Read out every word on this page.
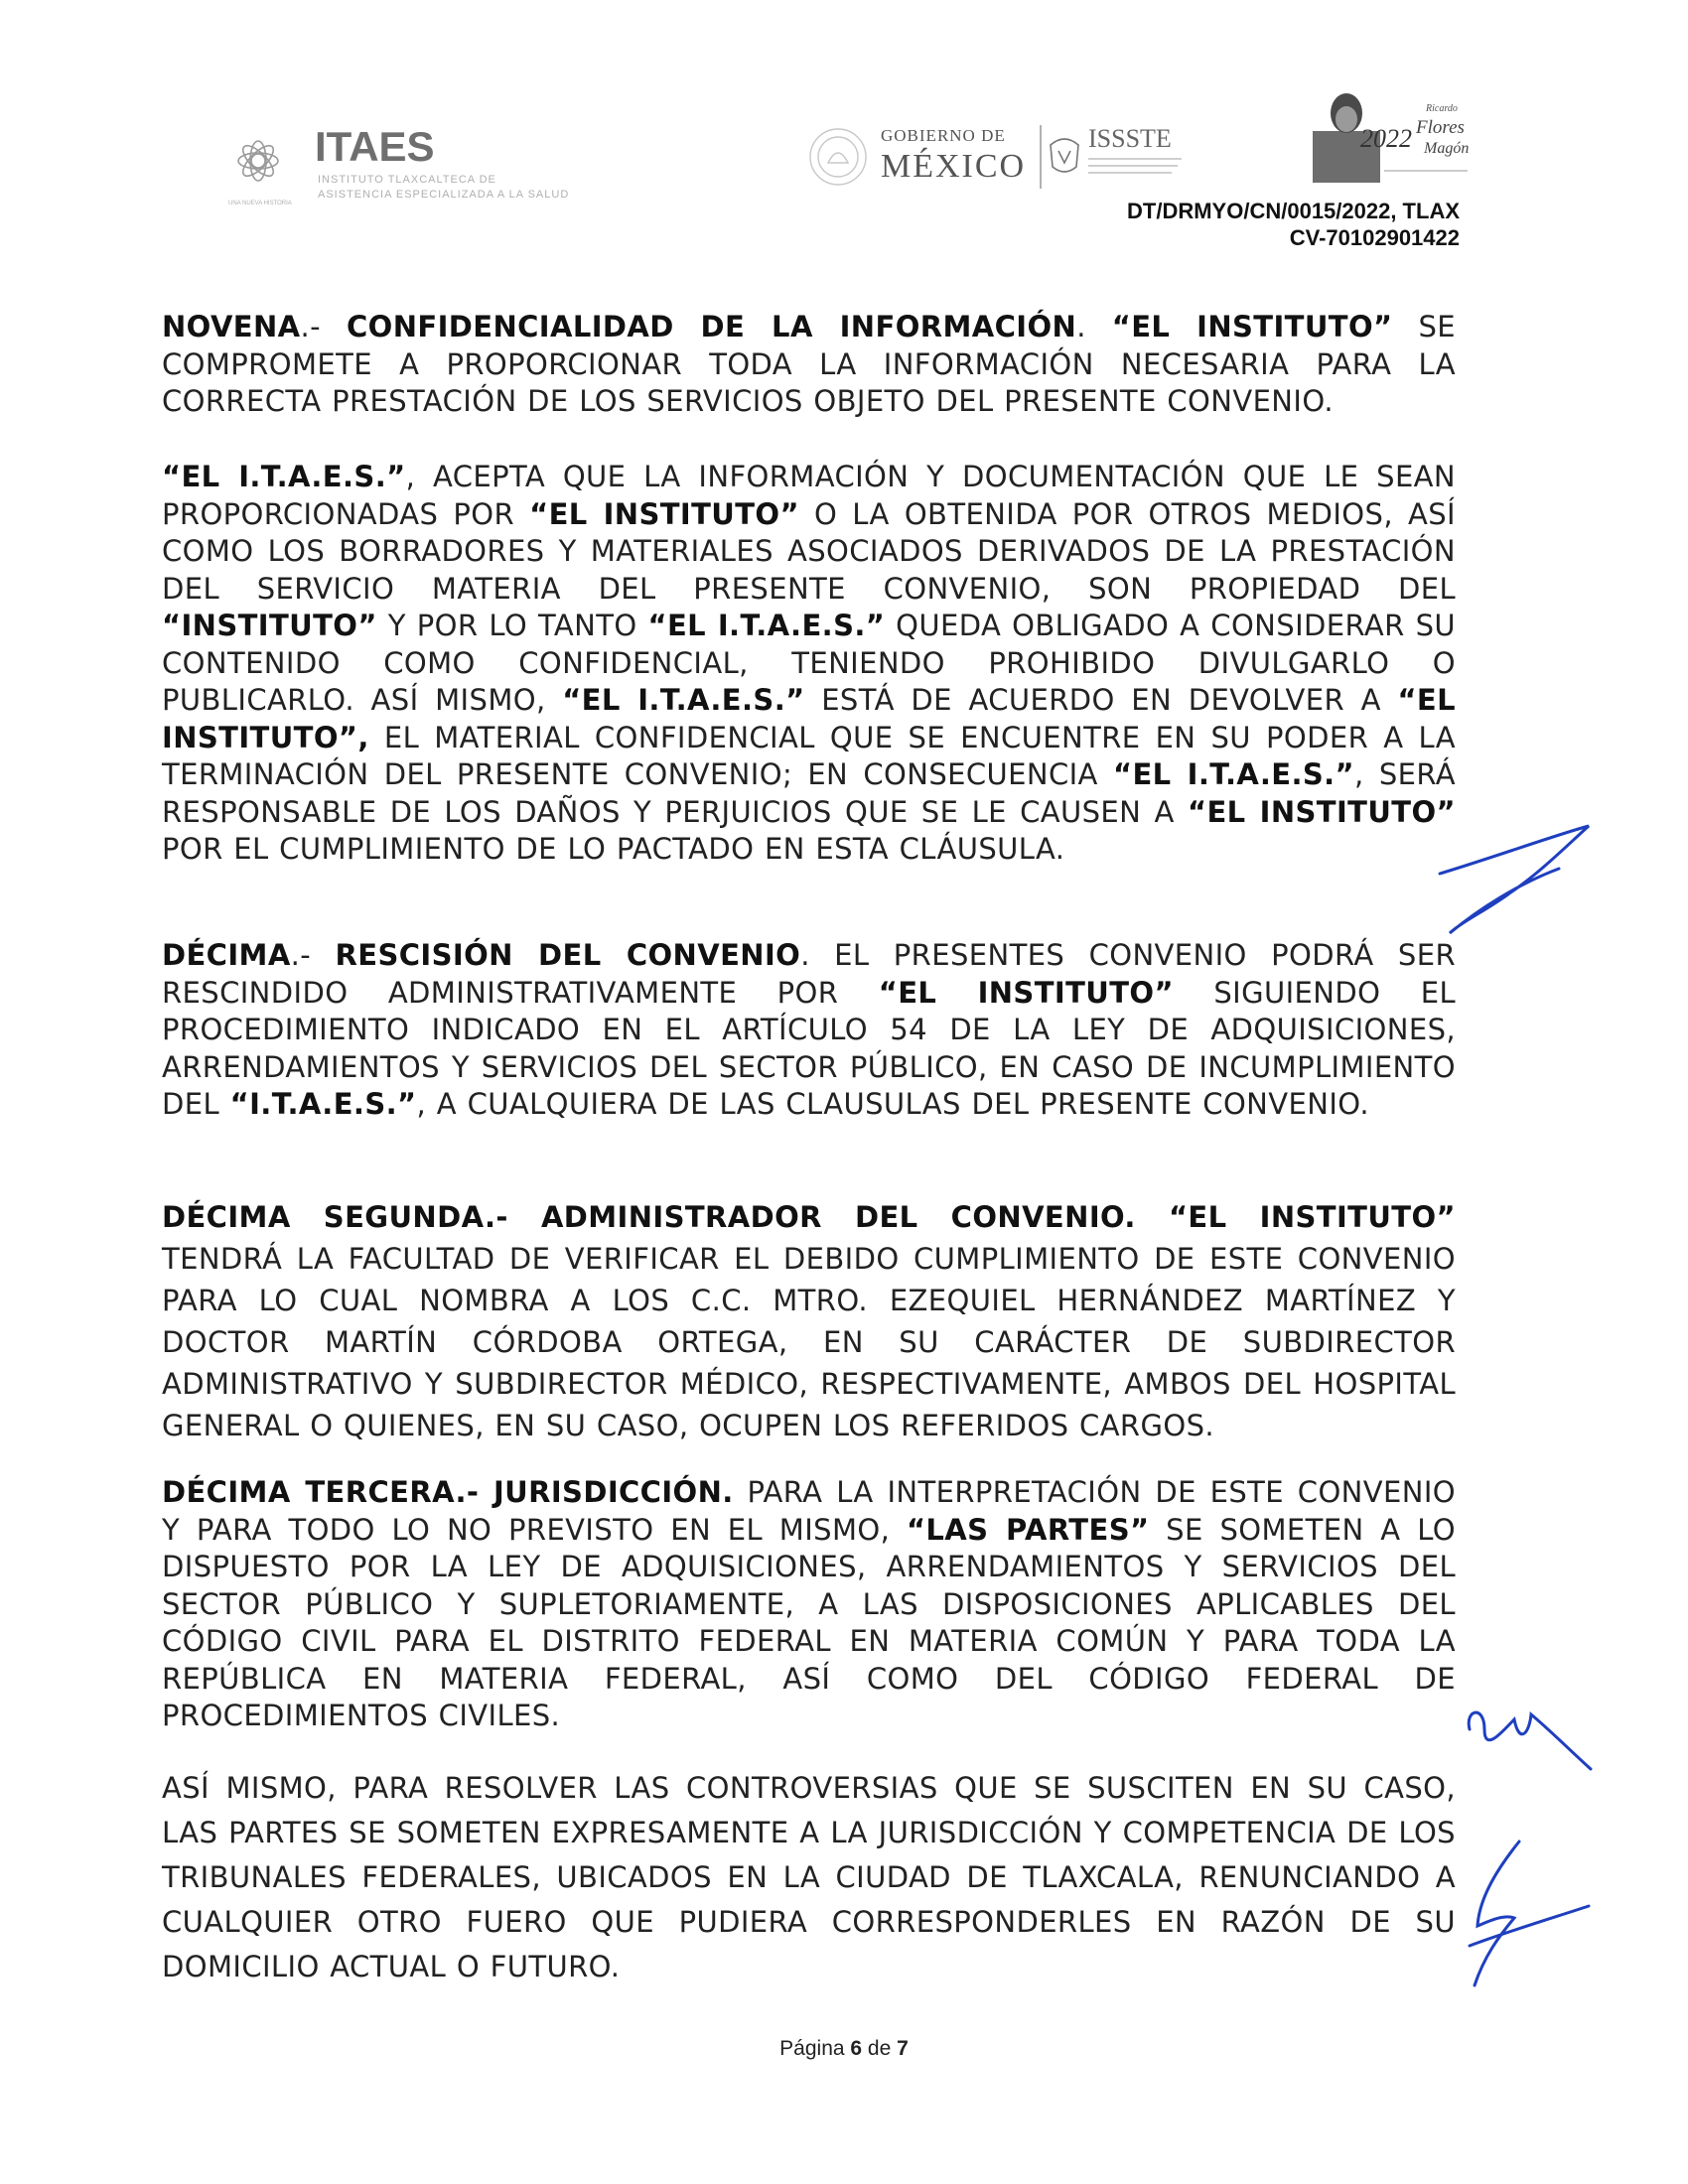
ITAES
INSTITUTO TLAXCALTECA DE
ASISTENCIA ESPECIALIZADA A LA SALUD
UNA NUEVA HISTORIA
GOBIERNO DE
MÉXICO
ISSSTE	2022
Ricardo
Flores
Magón
DT/DRMYO/CN/0015/2022, TLAX
CV-70102901422

NOVENA.- CONFIDENCIALIDAD DE LA INFORMACIÓN. “EL INSTITUTO” SE COMPROMETE A PROPORCIONAR TODA LA INFORMACIÓN NECESARIA PARA LA CORRECTA PRESTACIÓN DE LOS SERVICIOS OBJETO DEL PRESENTE CONVENIO.

“EL I.T.A.E.S.”, ACEPTA QUE LA INFORMACIÓN Y DOCUMENTACIÓN QUE LE SEAN PROPORCIONADAS POR “EL INSTITUTO” O LA OBTENIDA POR OTROS MEDIOS, ASÍ COMO LOS BORRADORES Y MATERIALES ASOCIADOS DERIVADOS DE LA PRESTACIÓN DEL SERVICIO MATERIA DEL PRESENTE CONVENIO, SON PROPIEDAD DEL “INSTITUTO” Y POR LO TANTO “EL I.T.A.E.S.” QUEDA OBLIGADO A CONSIDERAR SU CONTENIDO COMO CONFIDENCIAL, TENIENDO PROHIBIDO DIVULGARLO O PUBLICARLO. ASÍ MISMO, “EL I.T.A.E.S.” ESTÁ DE ACUERDO EN DEVOLVER A “EL INSTITUTO”, EL MATERIAL CONFIDENCIAL QUE SE ENCUENTRE EN SU PODER A LA TERMINACIÓN DEL PRESENTE CONVENIO; EN CONSECUENCIA “EL I.T.A.E.S.”, SERÁ RESPONSABLE DE LOS DAÑOS Y PERJUICIOS QUE SE LE CAUSEN A “EL INSTITUTO” POR EL CUMPLIMIENTO DE LO PACTADO EN ESTA CLÁUSULA.

DÉCIMA.- RESCISIÓN DEL CONVENIO. EL PRESENTES CONVENIO PODRÁ SER RESCINDIDO ADMINISTRATIVAMENTE POR “EL INSTITUTO” SIGUIENDO EL PROCEDIMIENTO INDICADO EN EL ARTÍCULO 54 DE LA LEY DE ADQUISICIONES, ARRENDAMIENTOS Y SERVICIOS DEL SECTOR PÚBLICO, EN CASO DE INCUMPLIMIENTO DEL “I.T.A.E.S.”, A CUALQUIERA DE LAS CLAUSULAS DEL PRESENTE CONVENIO.

DÉCIMA SEGUNDA.- ADMINISTRADOR DEL CONVENIO. “EL INSTITUTO” TENDRÁ LA FACULTAD DE VERIFICAR EL DEBIDO CUMPLIMIENTO DE ESTE CONVENIO PARA LO CUAL NOMBRA A LOS C.C. MTRO. EZEQUIEL HERNÁNDEZ MARTÍNEZ Y DOCTOR MARTÍN CÓRDOBA ORTEGA, EN SU CARÁCTER DE SUBDIRECTOR ADMINISTRATIVO Y SUBDIRECTOR MÉDICO, RESPECTIVAMENTE, AMBOS DEL HOSPITAL GENERAL O QUIENES, EN SU CASO, OCUPEN LOS REFERIDOS CARGOS.

DÉCIMA TERCERA.- JURISDICCIÓN. PARA LA INTERPRETACIÓN DE ESTE CONVENIO Y PARA TODO LO NO PREVISTO EN EL MISMO, “LAS PARTES” SE SOMETEN A LO DISPUESTO POR LA LEY DE ADQUISICIONES, ARRENDAMIENTOS Y SERVICIOS DEL SECTOR PÚBLICO Y SUPLETORIAMENTE, A LAS DISPOSICIONES APLICABLES DEL CÓDIGO CIVIL PARA EL DISTRITO FEDERAL EN MATERIA COMÚN Y PARA TODA LA REPÚBLICA EN MATERIA FEDERAL, ASÍ COMO DEL CÓDIGO FEDERAL DE PROCEDIMIENTOS CIVILES.

ASÍ MISMO, PARA RESOLVER LAS CONTROVERSIAS QUE SE SUSCITEN EN SU CASO, LAS PARTES SE SOMETEN EXPRESAMENTE A LA JURISDICCIÓN Y COMPETENCIA DE LOS TRIBUNALES FEDERALES, UBICADOS EN LA CIUDAD DE TLAXCALA, RENUNCIANDO A CUALQUIER OTRO FUERO QUE PUDIERA CORRESPONDERLES EN RAZÓN DE SU DOMICILIO ACTUAL O FUTURO.

Página 6 de 7
